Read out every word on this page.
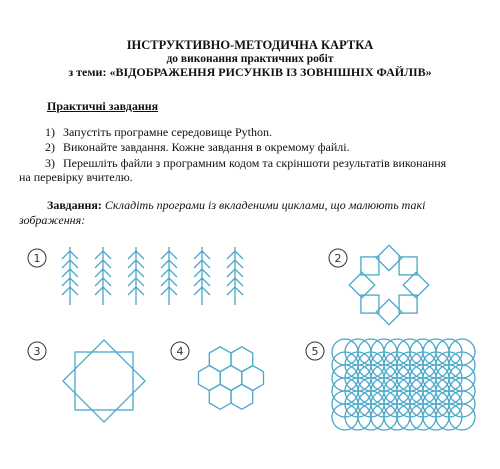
ІНСТРУКТИВНО-МЕТОДИЧНА КАРТКА
до виконання практичних робіт
з теми: «ВІДОБРАЖЕННЯ РИСУНКІВ ІЗ ЗОВНІШНІХ ФАЙЛІВ»
Практичні завдання
1) Запустіть програмне середовище Python.
2) Виконайте завдання. Кожне завдання в окремому файлі.
3) Перешліть файли з програмним кодом та скріншоти результатів виконання
на перевірку вчителю.
Завдання: Складіть програми із вкладеними циклами, що малюють такі
зображення:
1	2
3	4	5
